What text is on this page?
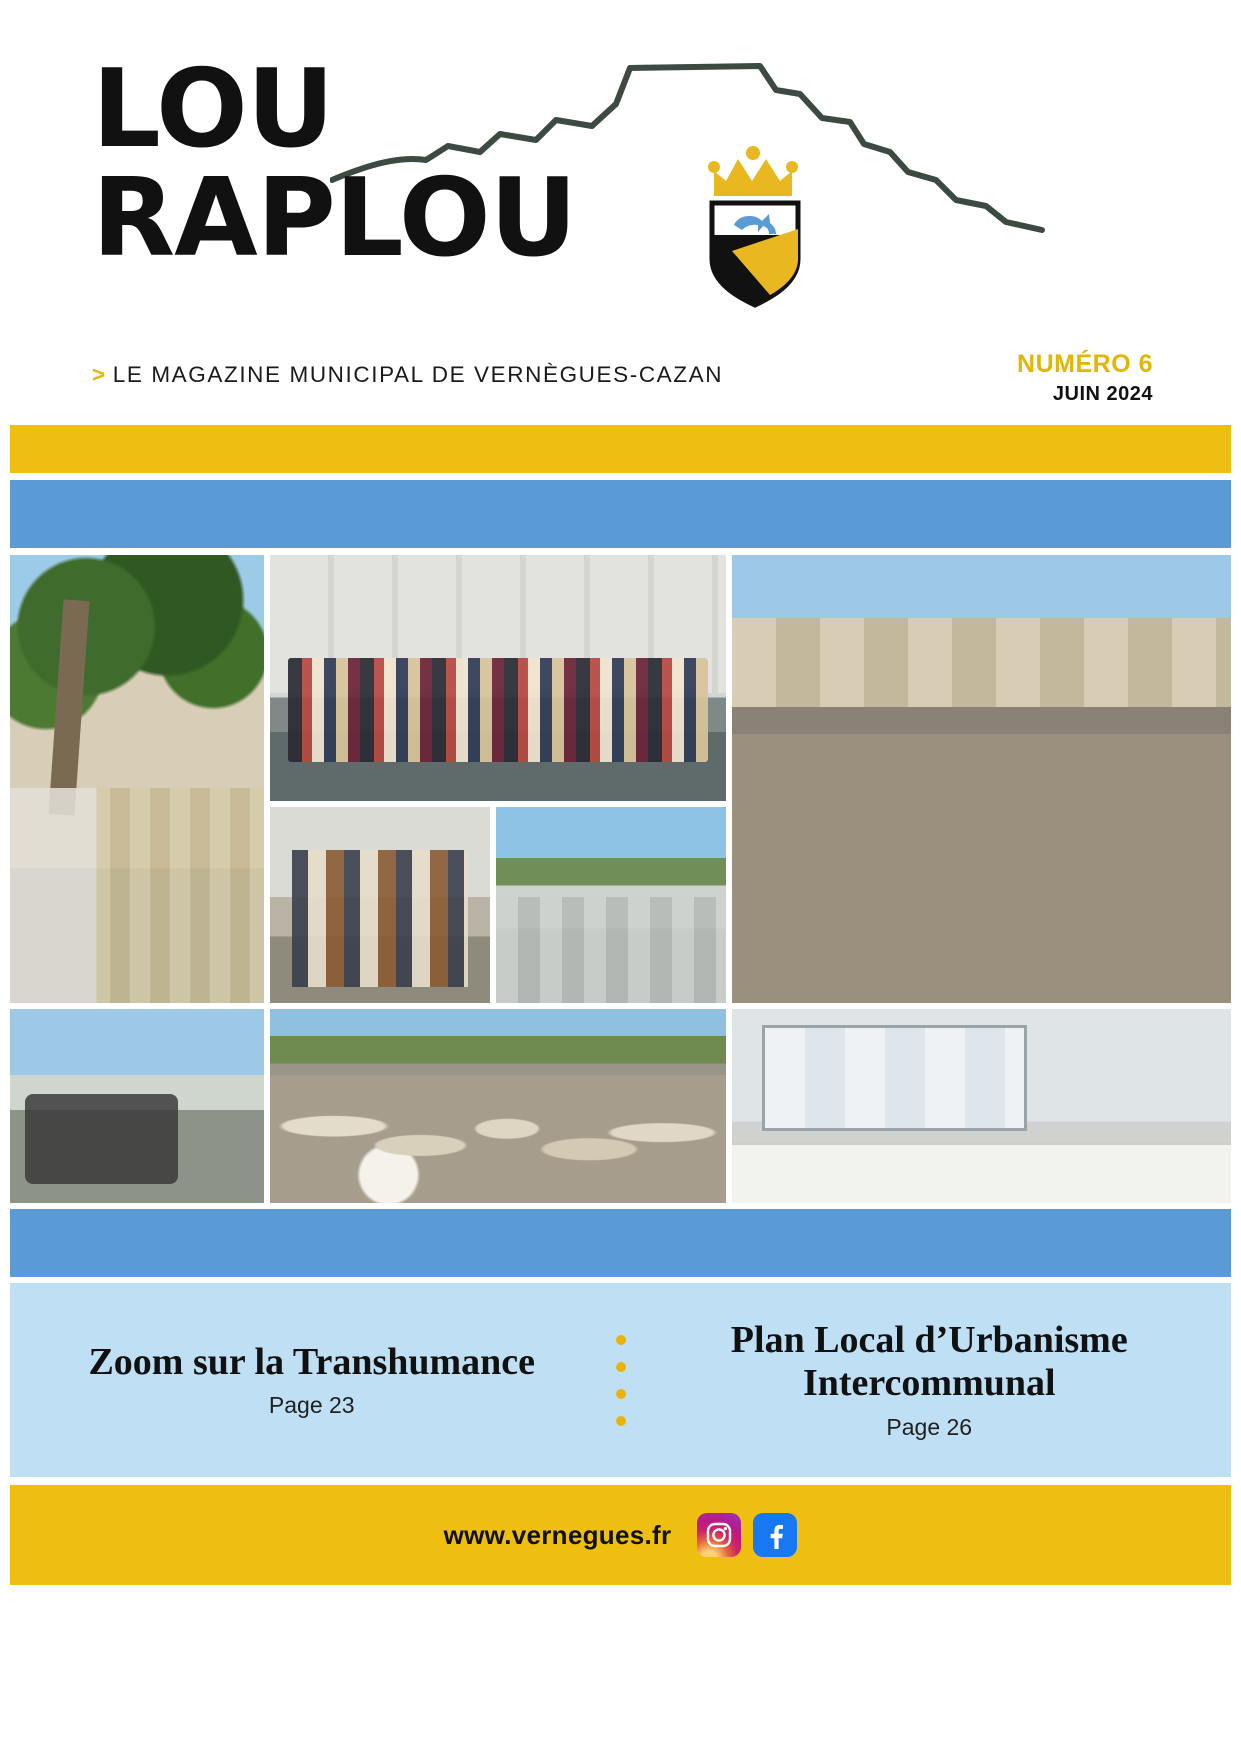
LOU
RAPLOU
> LE MAGAZINE MUNICIPAL DE VERNÈGUES-CAZAN	NUMÉRO 6
JUIN 2024
Zoom sur la Transhumance
Page 23
Plan Local d’Urbanisme Intercommunal
Page 26
www.vernegues.fr
